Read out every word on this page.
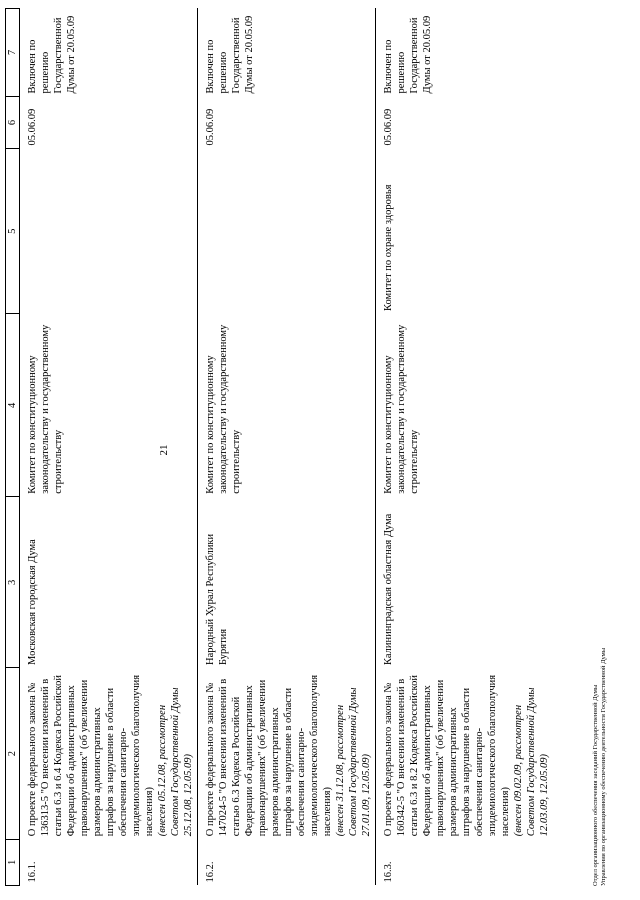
21
1	2	3	4	5	6	7
16.1.	О проекте федерального закона № 136313-5 "О внесении изменений в статьи 6.3 и 6.4 Кодекса Российской Федерации об административных правонарушениях" (об увеличении размеров административных штрафов за нарушение в области обеспечения санитарно-эпидемиологического благополучия населения) (внесен 05.12.08, рассмотрен Советом Государственной Думы 25.12.08, 12.05.09)	Московская городская Дума	Комитет по конституционному законодательству и государственному строительству		05.06.09	Включен по решению Государственной Думы от 20.05.09
16.2.	О проекте федерального закона № 147024-5 "О внесении изменений в статью 6.3 Кодекса Российской Федерации об административных правонарушениях" (об увеличении размеров административных штрафов за нарушение в области обеспечения санитарно-эпидемиологического благополучия населения) (внесен 31.12.08, рассмотрен Советом Государственной Думы 27.01.09, 12.05.09)	Народный Хурал Республики Бурятия	Комитет по конституционному законодательству и государственному строительству		05.06.09	Включен по решению Государственной Думы от 20.05.09
16.3.	О проекте федерального закона № 160342-5 "О внесении изменений в статьи 6.3 и 8.2 Кодекса Российской Федерации об административных правонарушениях" (об увеличении размеров административных штрафов за нарушение в области обеспечения санитарно-эпидемиологического благополучия населения) (внесен 09.02.09, рассмотрен Советом Государственной Думы 12.03.09, 12.05.09)	Калининградская областная Дума	Комитет по конституционному законодательству и государственному строительству	Комитет по охране здоровья	05.06.09	Включен по решению Государственной Думы от 20.05.09
Отдел организационного обеспечения заседаний Государственной Думы Управления по организационному обеспечению деятельности Государственной Думы
